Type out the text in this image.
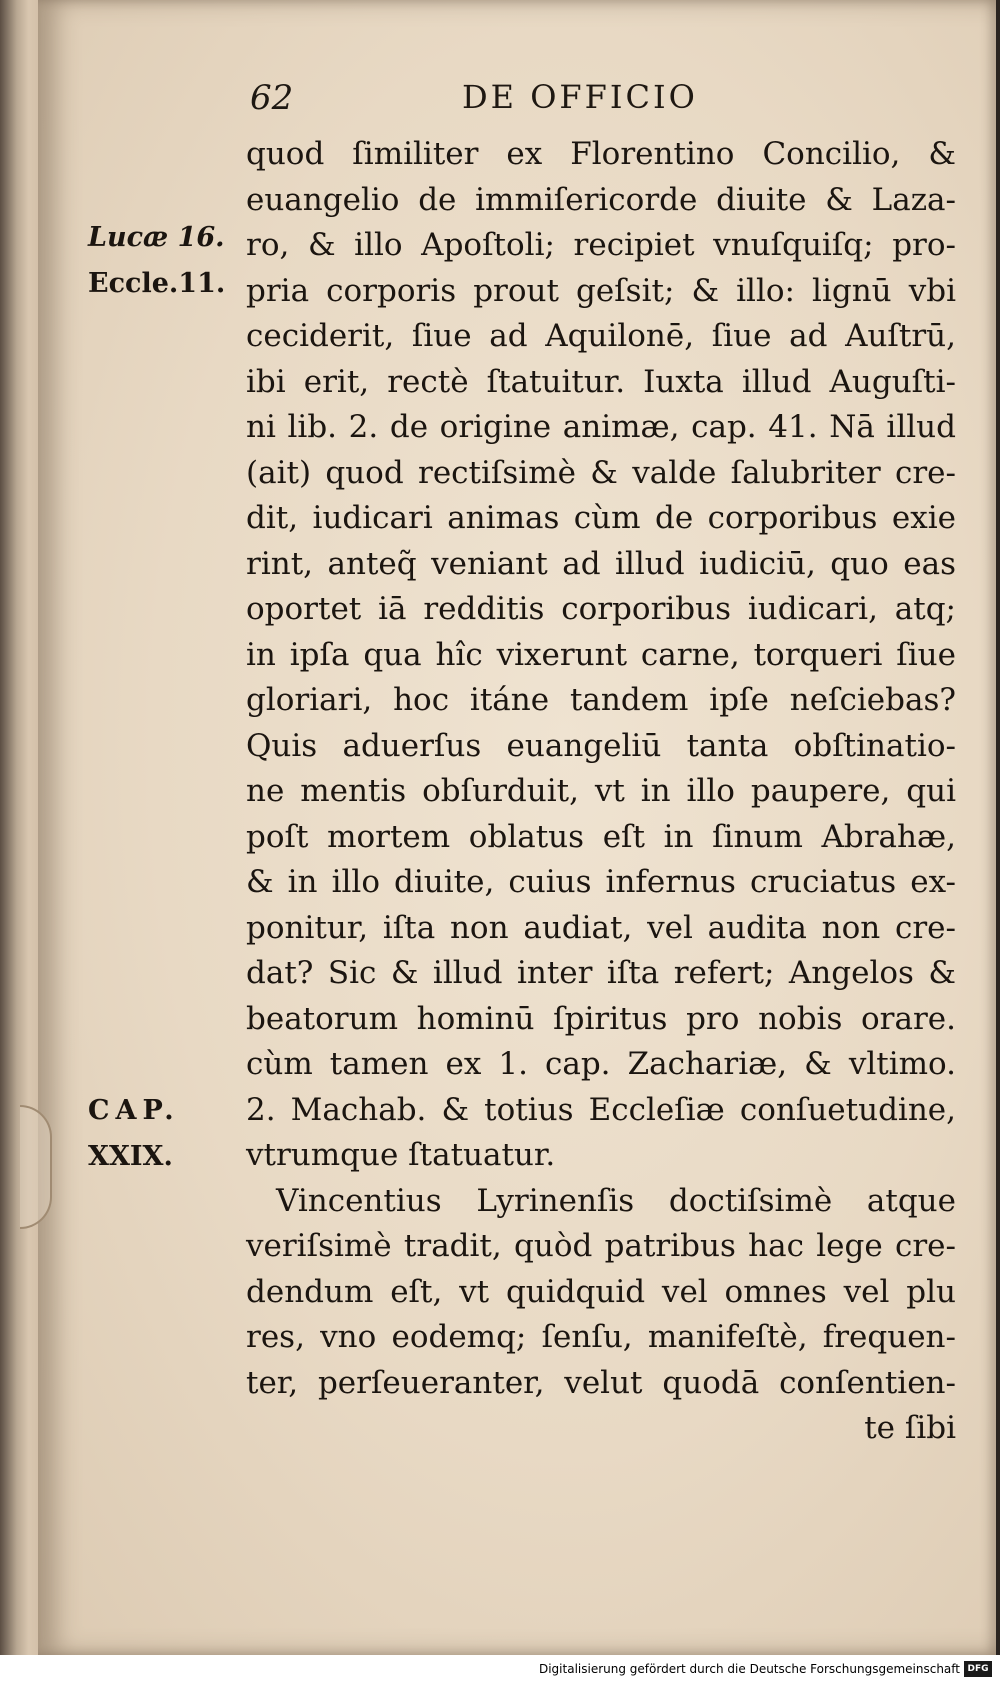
62	DE OFFICIO
Lucæ 16.
Eccle.11.
CAP.
XXIX.
quod ſimiliter ex Florentino Concilio, &
euangelio de immiſericorde diuite & Laza-
ro, & illo Apoſtoli; recipiet vnuſquiſq; pro-
pria corporis prout geſsit; & illo: lignū vbi
ceciderit, ſiue ad Aquilonē, ſiue ad Auſtrū,
ibi erit, rectè ſtatuitur. Iuxta illud Auguſti-
ni lib. 2. de origine animæ, cap. 41. Nā illud
(ait) quod rectiſsimè & valde ſalubriter cre-
dit, iudicari animas cùm de corporibus exie
rint, anteq̃ veniant ad illud iudiciū, quo eas
oportet iā redditis corporibus iudicari, atq;
in ipſa qua hîc vixerunt carne, torqueri ſiue
gloriari, hoc itáne tandem ipſe neſciebas?
Quis aduerſus euangeliū tanta obſtinatio-
ne mentis obſurduit, vt in illo paupere, qui
poſt mortem oblatus eſt in ſinum Abrahæ,
& in illo diuite, cuius infernus cruciatus ex-
ponitur, iſta non audiat, vel audita non cre-
dat? Sic & illud inter iſta refert; Angelos &
beatorum hominū ſpiritus pro nobis orare.
cùm tamen ex 1. cap. Zachariæ, & vltimo.
2. Machab. & totius Eccleſiæ conſuetudine,
vtrumque ſtatuatur.
Vincentius Lyrinenſis doctiſsimè atque
veriſsimè tradit, quòd patribus hac lege cre-
dendum eſt, vt quidquid vel omnes vel plu
res, vno eodemq; ſenſu, manifeſtè, frequen-
ter, perſeueranter, velut quodā conſentien-
te ſibi
Digitalisierung gefördert durch die Deutsche Forschungsgemeinschaft DFG
